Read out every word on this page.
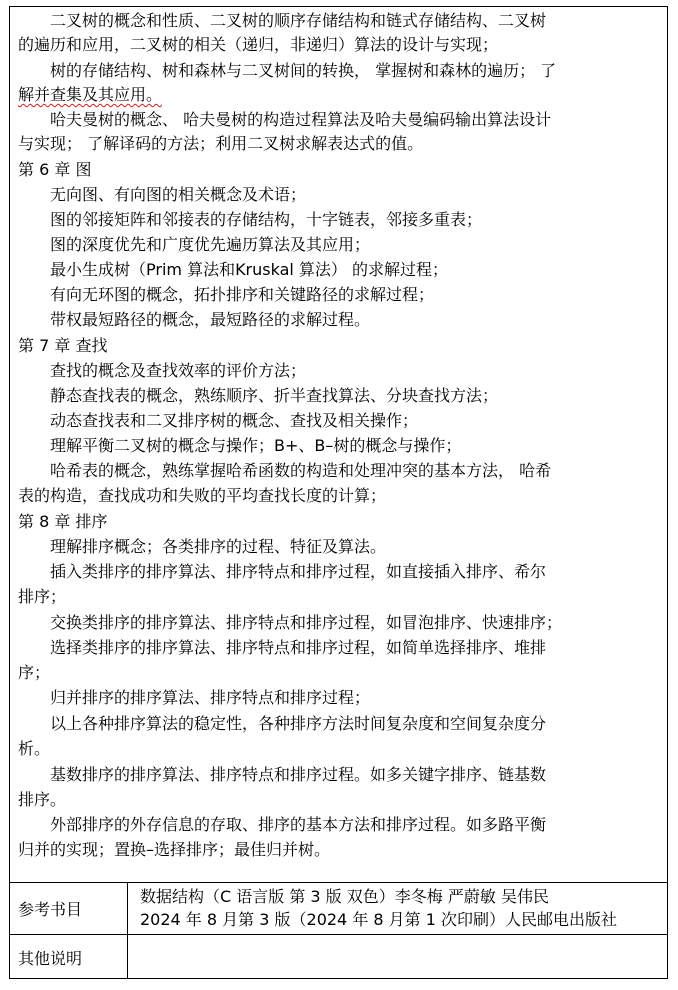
　　二叉树的概念和性质、二叉树的顺序存储结构和链式存储结构、二叉树
的遍历和应用，二叉树的相关（递归，非递归）算法的设计与实现；
　　树的存储结构、树和森林与二叉树间的转换， 掌握树和森林的遍历； 了
解并查集及其应用。
　　哈夫曼树的概念、 哈夫曼树的构造过程算法及哈夫曼编码输出算法设计
与实现； 了解译码的方法；利用二叉树求解表达式的值。
第 6 章 图
　　无向图、有向图的相关概念及术语；
　　图的邻接矩阵和邻接表的存储结构，十字链表，邻接多重表；
　　图的深度优先和广度优先遍历算法及其应用；
　　最小生成树（Prim 算法和Kruskal 算法） 的求解过程；
　　有向无环图的概念，拓扑排序和关键路径的求解过程；
　　带权最短路径的概念，最短路径的求解过程。
第 7 章 查找
　　查找的概念及查找效率的评价方法；
　　静态查找表的概念，熟练顺序、折半查找算法、分块查找方法；
　　动态查找表和二叉排序树的概念、查找及相关操作；
　　理解平衡二叉树的概念与操作；B+、B–树的概念与操作；
　　哈希表的概念，熟练掌握哈希函数的构造和处理冲突的基本方法， 哈希
表的构造，查找成功和失败的平均查找长度的计算；
第 8 章 排序
　　理解排序概念；各类排序的过程、特征及算法。
　　插入类排序的排序算法、排序特点和排序过程，如直接插入排序、希尔
排序；
　　交换类排序的排序算法、排序特点和排序过程，如冒泡排序、快速排序；
　　选择类排序的排序算法、排序特点和排序过程，如简单选择排序、堆排
序；
　　归并排序的排序算法、排序特点和排序过程；
　　以上各种排序算法的稳定性，各种排序方法时间复杂度和空间复杂度分
析。
　　基数排序的排序算法、排序特点和排序过程。如多关键字排序、链基数
排序。
　　外部排序的外存信息的存取、排序的基本方法和排序过程。如多路平衡
归并的实现；置换–选择排序；最佳归并树。
参考书目
数据结构（C 语言版 第 3 版 双色）李冬梅 严蔚敏 吴伟民
2024 年 8 月第 3 版（2024 年 8 月第 1 次印刷）人民邮电出版社
其他说明
